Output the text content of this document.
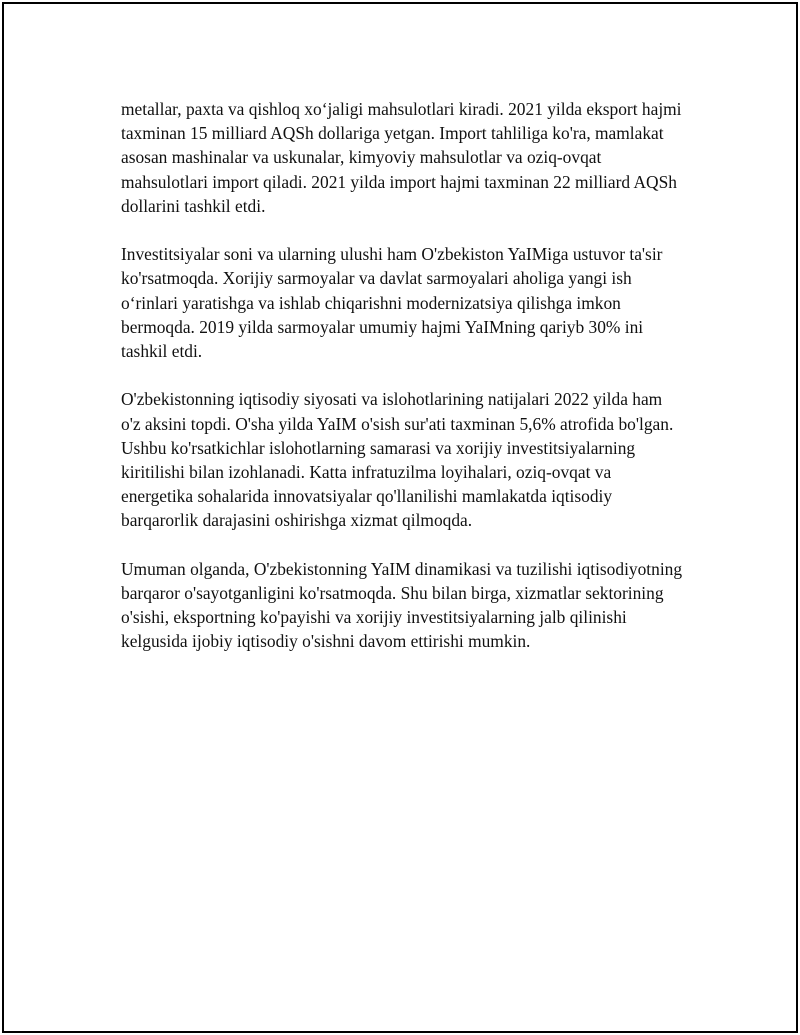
metallar, paxta va qishloq xo‘jaligi mahsulotlari kiradi. 2021 yilda eksport hajmi taxminan 15 milliard AQSh dollariga yetgan. Import tahliliga ko'ra, mamlakat asosan mashinalar va uskunalar, kimyoviy mahsulotlar va oziq-ovqat mahsulotlari import qiladi. 2021 yilda import hajmi taxminan 22 milliard AQSh dollarini tashkil etdi.

Investitsiyalar soni va ularning ulushi ham O'zbekiston YaIMiga ustuvor ta'sir ko'rsatmoqda. Xorijiy sarmoyalar va davlat sarmoyalari aholiga yangi ish o‘rinlari yaratishga va ishlab chiqarishni modernizatsiya qilishga imkon bermoqda. 2019 yilda sarmoyalar umumiy hajmi YaIMning qariyb 30% ini tashkil etdi.

O'zbekistonning iqtisodiy siyosati va islohotlarining natijalari 2022 yilda ham o'z aksini topdi. O'sha yilda YaIM o'sish sur'ati taxminan 5,6% atrofida bo'lgan. Ushbu ko'rsatkichlar islohotlarning samarasi va xorijiy investitsiyalarning kiritilishi bilan izohlanadi. Katta infratuzilma loyihalari, oziq-ovqat va energetika sohalarida innovatsiyalar qo'llanilishi mamlakatda iqtisodiy barqarorlik darajasini oshirishga xizmat qilmoqda.

Umuman olganda, O'zbekistonning YaIM dinamikasi va tuzilishi iqtisodiyotning barqaror o'sayotganligini ko'rsatmoqda. Shu bilan birga, xizmatlar sektorining o'sishi, eksportning ko'payishi va xorijiy investitsiyalarning jalb qilinishi kelgusida ijobiy iqtisodiy o'sishni davom ettirishi mumkin.
